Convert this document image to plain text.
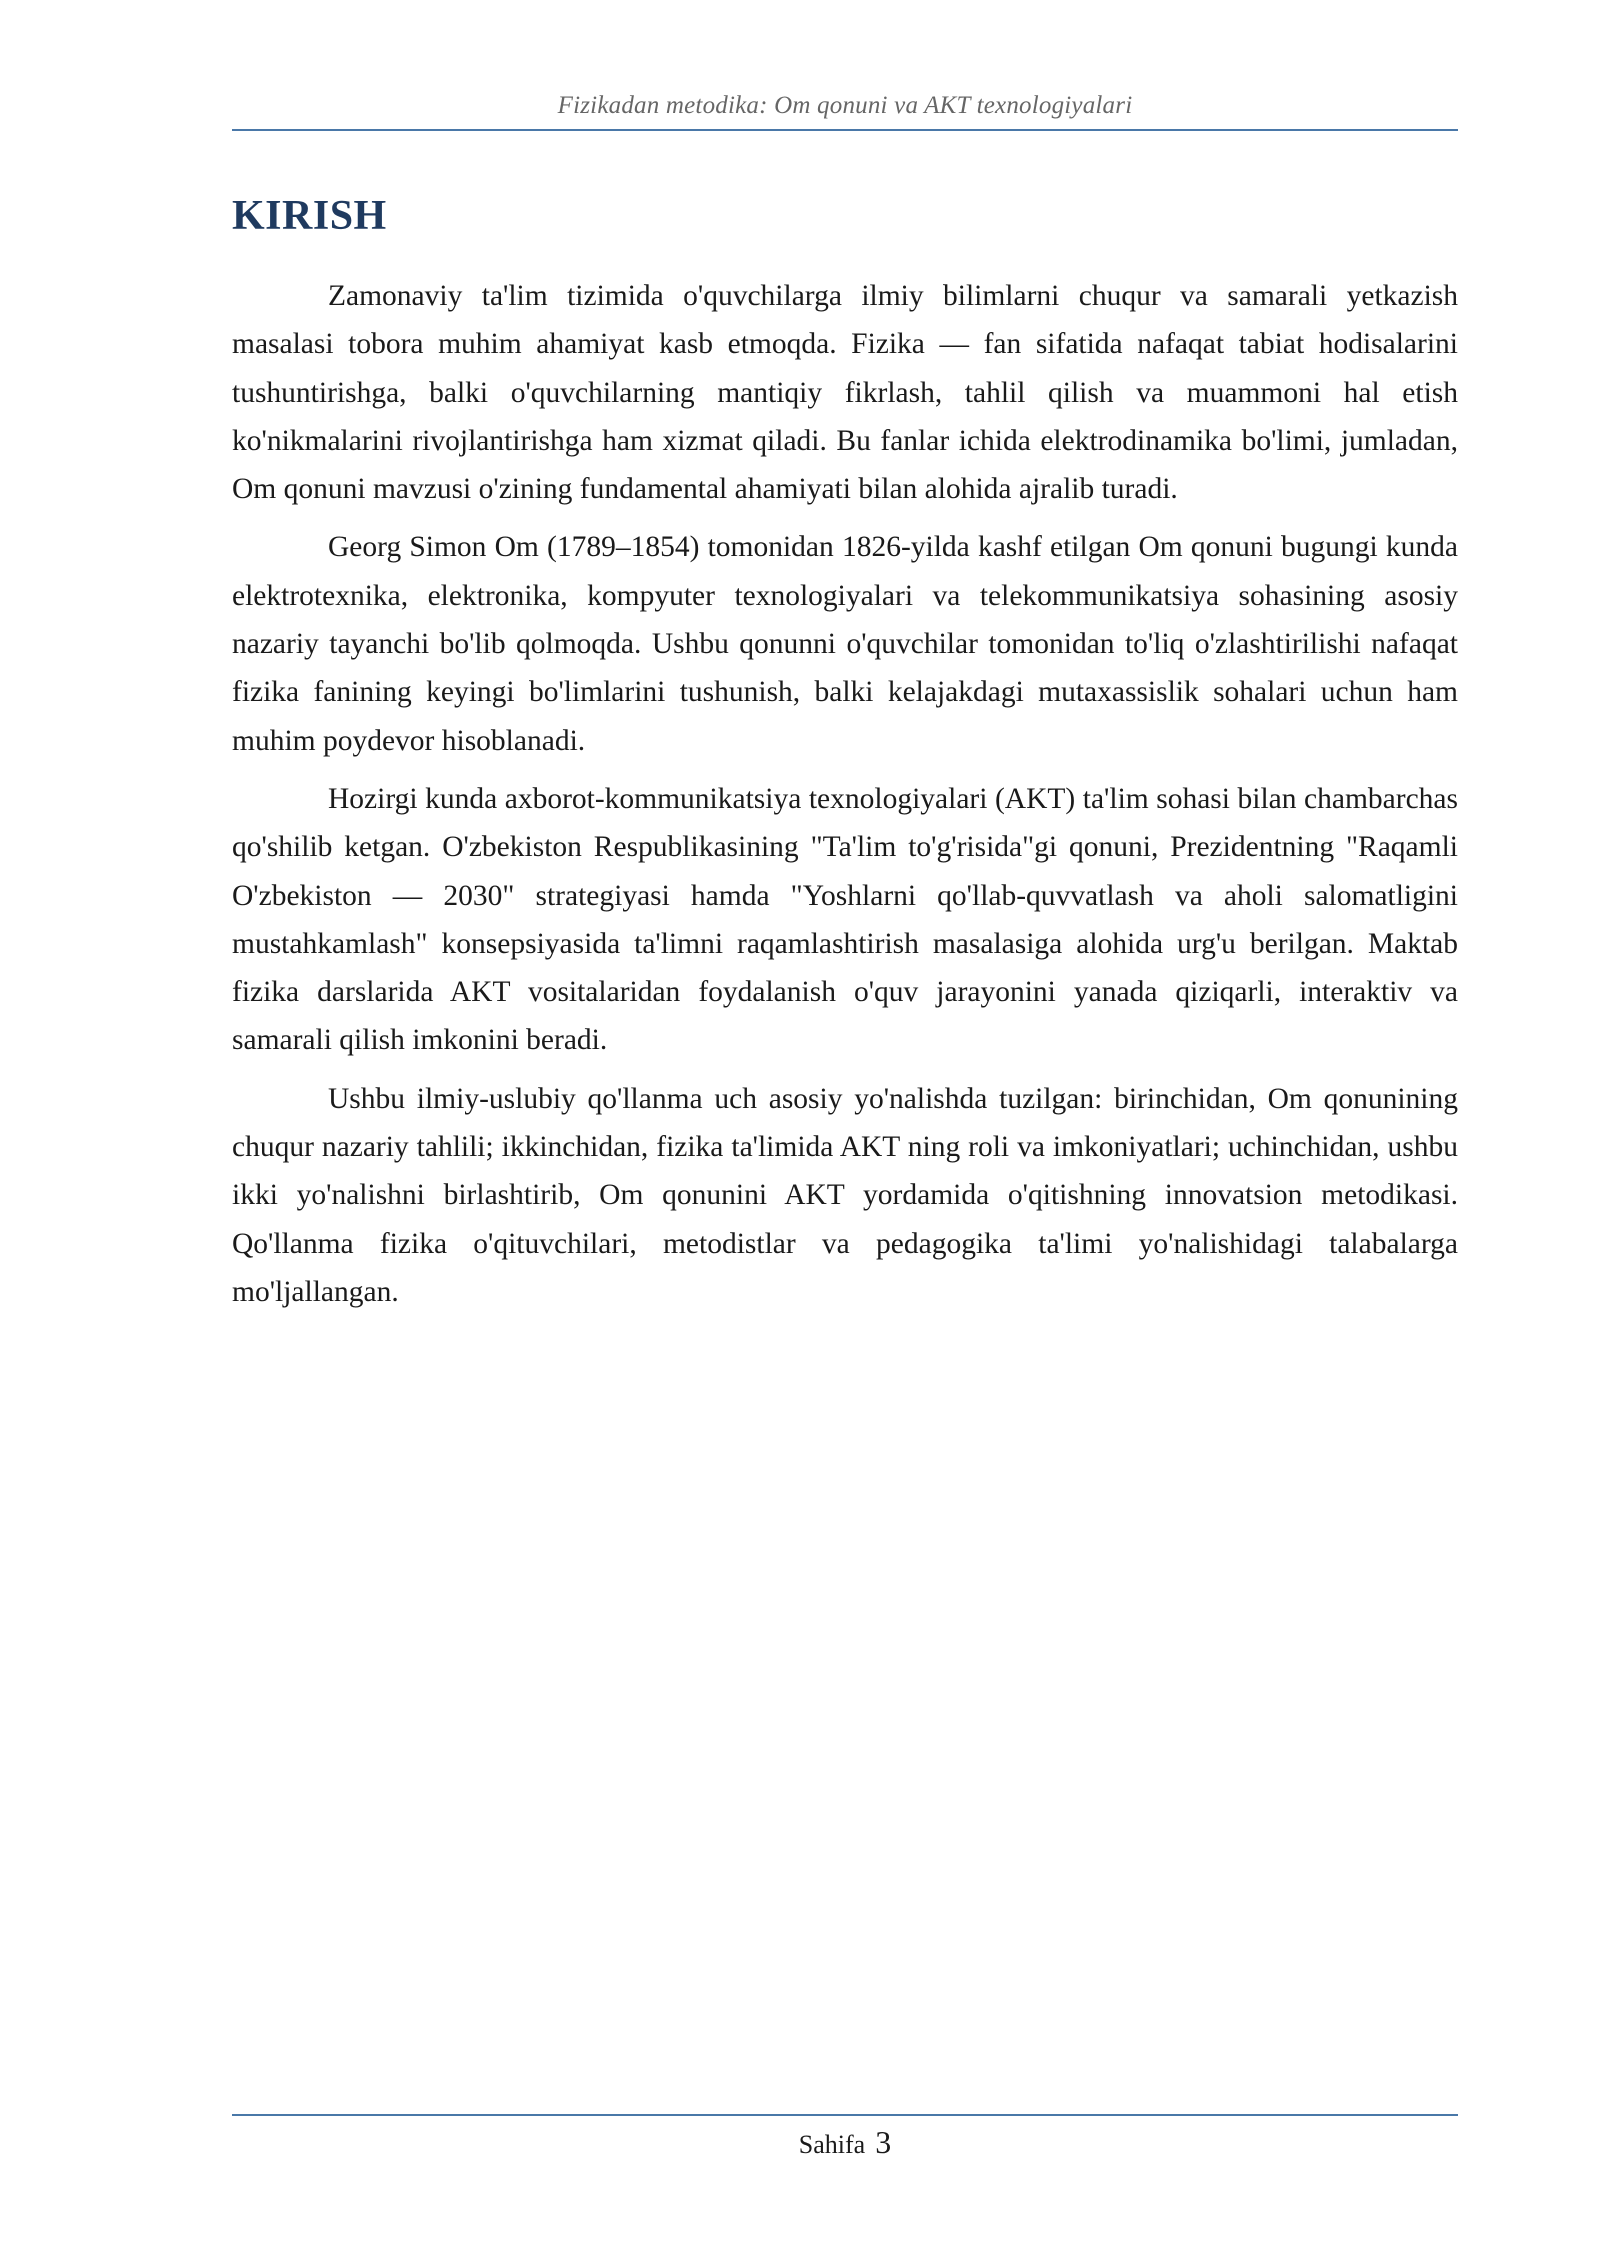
Fizikadan metodika: Om qonuni va AKT texnologiyalari
KIRISH

Zamonaviy ta'lim tizimida o'quvchilarga ilmiy bilimlarni chuqur va samarali yetkazish masalasi tobora muhim ahamiyat kasb etmoqda. Fizika — fan sifatida nafaqat tabiat hodisalarini tushuntirishga, balki o'quvchilarning mantiqiy fikrlash, tahlil qilish va muammoni hal etish ko'nikmalarini rivojlantirishga ham xizmat qiladi. Bu fanlar ichida elektrodinamika bo'limi, jumladan, Om qonuni mavzusi o'zining fundamental ahamiyati bilan alohida ajralib turadi.

Georg Simon Om (1789–1854) tomonidan 1826-yilda kashf etilgan Om qonuni bugungi kunda elektrotexnika, elektronika, kompyuter texnologiyalari va telekommunikatsiya sohasining asosiy nazariy tayanchi bo'lib qolmoqda. Ushbu qonunni o'quvchilar tomonidan to'liq o'zlashtirilishi nafaqat fizika fanining keyingi bo'limlarini tushunish, balki kelajakdagi mutaxassislik sohalari uchun ham muhim poydevor hisoblanadi.

Hozirgi kunda axborot-kommunikatsiya texnologiyalari (AKT) ta'lim sohasi bilan chambarchas qo'shilib ketgan. O'zbekiston Respublikasining "Ta'lim to'g'risida"gi qonuni, Prezidentning "Raqamli O'zbekiston — 2030" strategiyasi hamda "Yoshlarni qo'llab-quvvatlash va aholi salomatligini mustahkamlash" konsepsiyasida ta'limni raqamlashtirish masalasiga alohida urg'u berilgan. Maktab fizika darslarida AKT vositalaridan foydalanish o'quv jarayonini yanada qiziqarli, interaktiv va samarali qilish imkonini beradi.

Ushbu ilmiy-uslubiy qo'llanma uch asosiy yo'nalishda tuzilgan: birinchidan, Om qonunining chuqur nazariy tahlili; ikkinchidan, fizika ta'limida AKT ning roli va imkoniyatlari; uchinchidan, ushbu ikki yo'nalishni birlashtirib, Om qonunini AKT yordamida o'qitishning innovatsion metodikasi. Qo'llanma fizika o'qituvchilari, metodistlar va pedagogika ta'limi yo'nalishidagi talabalarga mo'ljallangan.

Sahifa 3
